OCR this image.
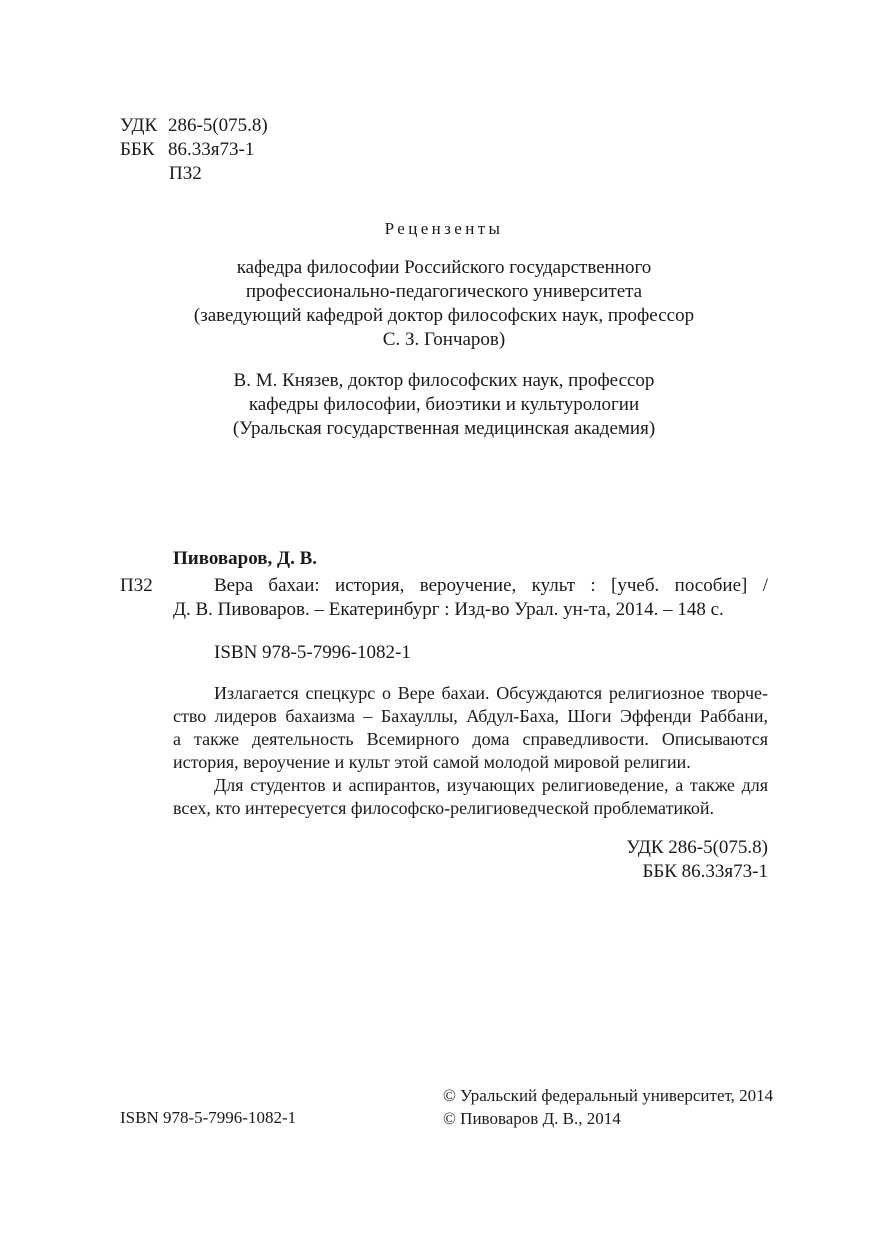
УДК 286-5(075.8)
ББК 86.33я73-1
П32
Рецензенты
кафедра философии Российского государственного
профессионально-педагогического университета
(заведующий кафедрой доктор философских наук, профессор
С. З. Гончаров)
В. М. Князев, доктор философских наук, профессор
кафедры философии, биоэтики и культурологии
(Уральская государственная медицинская академия)
Пивоваров, Д. В.
П32	Вера бахаи: история, вероучение, культ : [учеб. пособие] /
Д. В. Пивоваров. – Екатеринбург : Изд-во Урал. ун-та, 2014. – 148 с.
ISBN 978-5-7996-1082-1
Излагается спецкурс о Вере бахаи. Обсуждаются религиозное творче-
ство лидеров бахаизма – Бахауллы, Абдул-Баха, Шоги Эффенди Раббани,
а также деятельность Всемирного дома справедливости. Описываются
история, вероучение и культ этой самой молодой мировой религии.
Для студентов и аспирантов, изучающих религиоведение, а также для
всех, кто интересуется философско-религиоведческой проблематикой.
УДК 286-5(075.8)
ББК 86.33я73-1
© Уральский федеральный университет, 2014
© Пивоваров Д. В., 2014
ISBN 978-5-7996-1082-1
